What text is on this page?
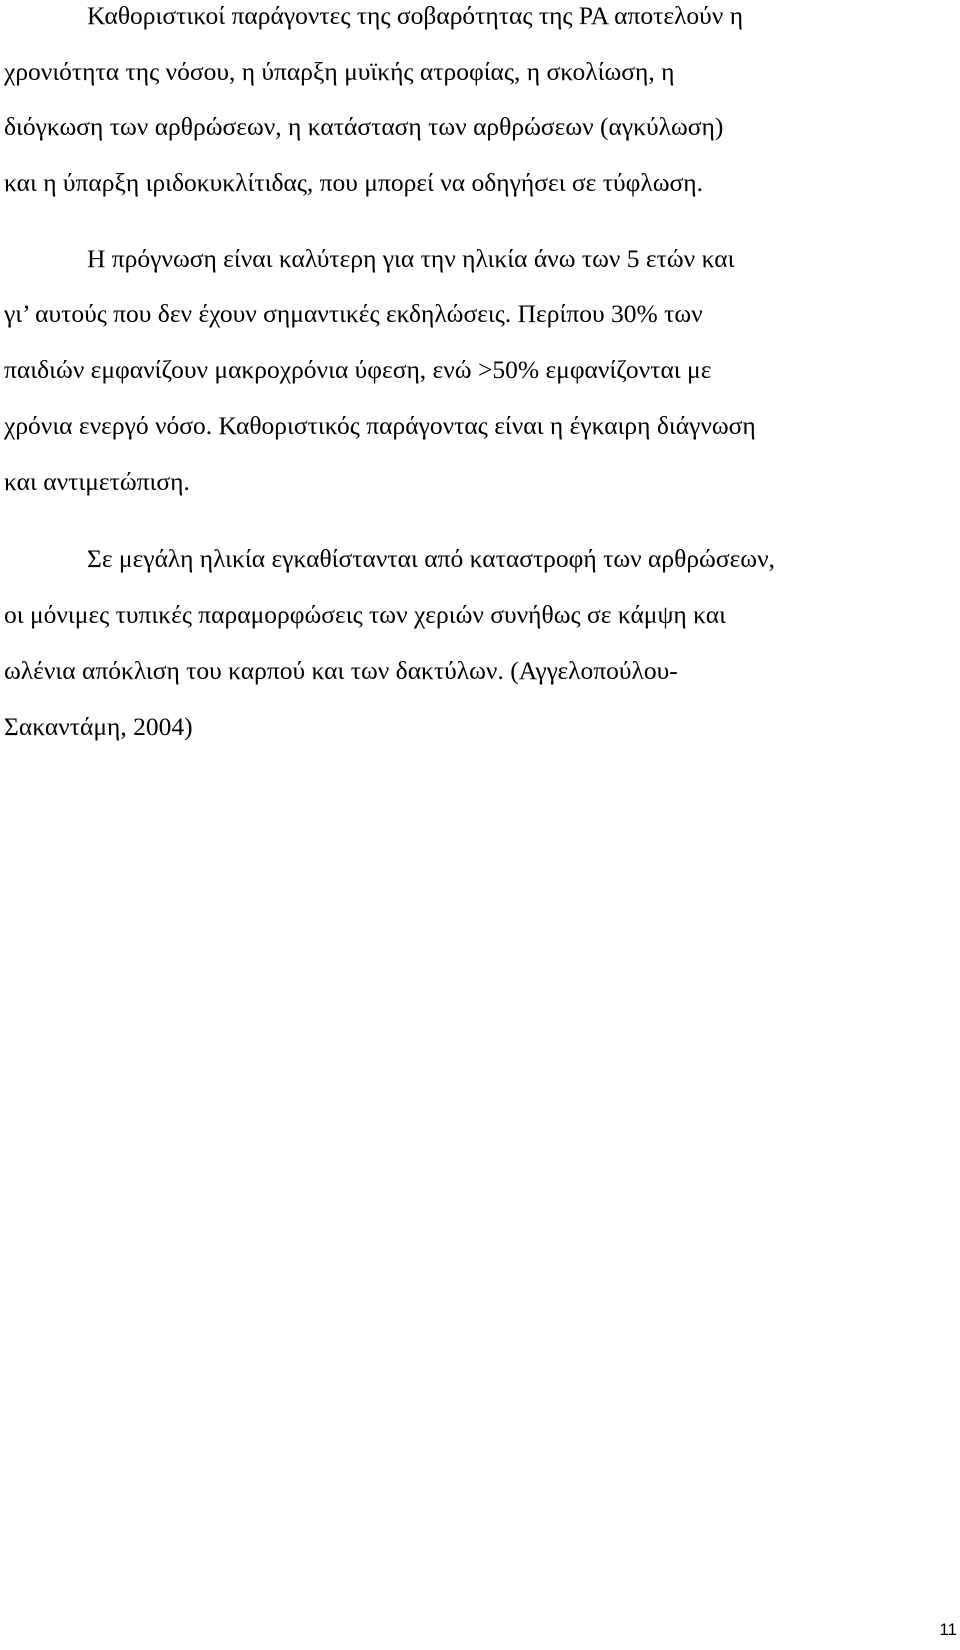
Καθοριστικοί παράγοντες της σοβαρότητας της ΡΑ αποτελούν η

χρονιότητα της νόσου, η ύπαρξη μυϊκής ατροφίας, η σκολίωση, η

διόγκωση των αρθρώσεων, η κατάσταση των αρθρώσεων (αγκύλωση)

και η ύπαρξη ιριδοκυκλίτιδας, που μπορεί να οδηγήσει σε τύφλωση.

Η πρόγνωση είναι καλύτερη για την ηλικία άνω των 5 ετών και

γι’ αυτούς που δεν έχουν σημαντικές εκδηλώσεις. Περίπου 30% των

παιδιών εμφανίζουν μακροχρόνια ύφεση, ενώ >50% εμφανίζονται με

χρόνια ενεργό νόσο. Καθοριστικός παράγοντας είναι η έγκαιρη διάγνωση

και αντιμετώπιση.

Σε μεγάλη ηλικία εγκαθίστανται από καταστροφή των αρθρώσεων,

οι μόνιμες τυπικές παραμορφώσεις των χεριών συνήθως σε κάμψη και

ωλένια απόκλιση του καρπού και των δακτύλων. (Αγγελοπούλου-

Σακαντάμη, 2004)

11
